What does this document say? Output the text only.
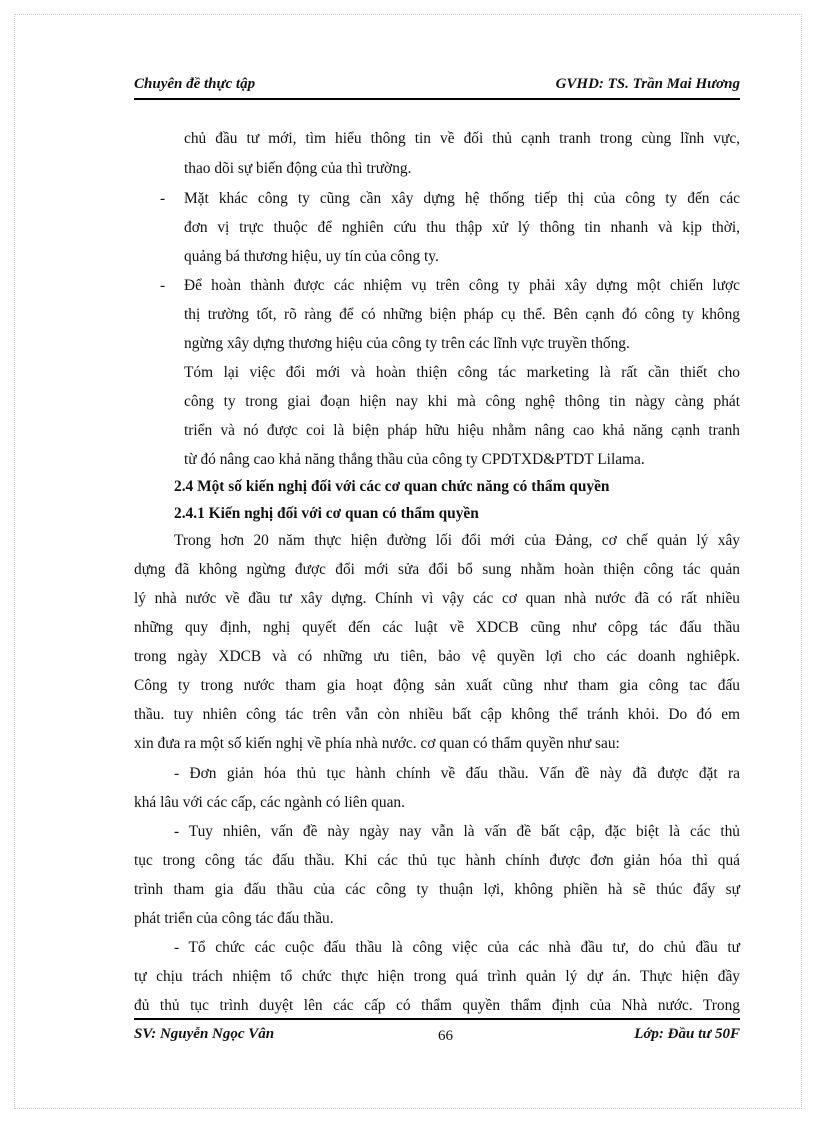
Chuyên đề thực tập	GVHD: TS. Trần Mai Hương
chủ đầu tư mới, tìm hiểu thông tin về đối thủ cạnh tranh trong cùng lĩnh vực,
thao dõi sự biến động của thì trường.
- Mặt khác công ty cũng cần xây dựng hệ thống tiếp thị của công ty đến các
đơn vị trực thuộc để nghiên cứu thu thập xử lý thông tin nhanh và kịp thời,
quảng bá thương hiệu, uy tín của công ty.
- Để hoàn thành được các nhiệm vụ trên công ty phải xây dựng một chiến lược
thị trường tốt, rõ ràng để có những biện pháp cụ thể. Bên cạnh đó công ty không
ngừng xây dựng thương hiệu của công ty trên các lĩnh vực truyền thống.
Tóm lại việc đổi mới và hoàn thiện công tác marketing là rất cần thiết cho
công ty trong giai đoạn hiện nay khi mà công nghệ thông tin nàgy càng phát
triển và nó được coi là biện pháp hữu hiệu nhằm nâng cao khả năng cạnh tranh
từ đó nâng cao khả năng thắng thầu của công ty CPDTXD&PTDT Lilama.
2.4 Một số kiến nghị đối với các cơ quan chức năng có thẩm quyền
2.4.1 Kiến nghị đối với cơ quan có thẩm quyền
Trong hơn 20 năm thực hiện đường lối đổi mới của Đảng, cơ chế quản lý xây
dựng đã không ngừng được đổi mới sửa đổi bổ sung nhằm hoàn thiện công tác quản
lý nhà nước về đầu tư xây dựng. Chính vì vậy các cơ quan nhà nước đã có rất nhiều
những quy định, nghị quyết đến các luật về XDCB cũng như côpg tác đấu thầu
trong ngày XDCB và có những ưu tiên, bảo vệ quyền lợi cho các doanh nghiêpk.
Công ty trong nước tham gia hoạt động sản xuất cũng như tham gia công tac đấu
thầu. tuy nhiên công tác trên vẫn còn nhiều bất cập không thể tránh khỏi. Do đó em
xin đưa ra một số kiến nghị về phía nhà nước. cơ quan có thẩm quyền như sau:
- Đơn giản hóa thủ tục hành chính về đấu thầu. Vấn đề này đã được đặt ra
khá lâu với các cấp, các ngành có liên quan.
- Tuy nhiên, vấn đề này ngày nay vẫn là vấn đề bất cập, đặc biệt là các thủ
tục trong công tác đấu thầu. Khi các thủ tục hành chính được đơn giản hóa thì quá
trình tham gia đấu thầu của các công ty thuận lợi, không phiền hà sẽ thúc đẩy sự
phát triển của công tác đấu thầu.
- Tổ chức các cuộc đấu thầu là công việc của các nhà đầu tư, do chủ đầu tư
tự chịu trách nhiệm tổ chức thực hiện trong quá trình quản lý dự án. Thực hiện đầy
đủ thủ tục trình duyệt lên các cấp có thẩm quyền thẩm định của Nhà nước. Trong
SV: Nguyễn Ngọc Vân	66	Lớp: Đầu tư 50F
